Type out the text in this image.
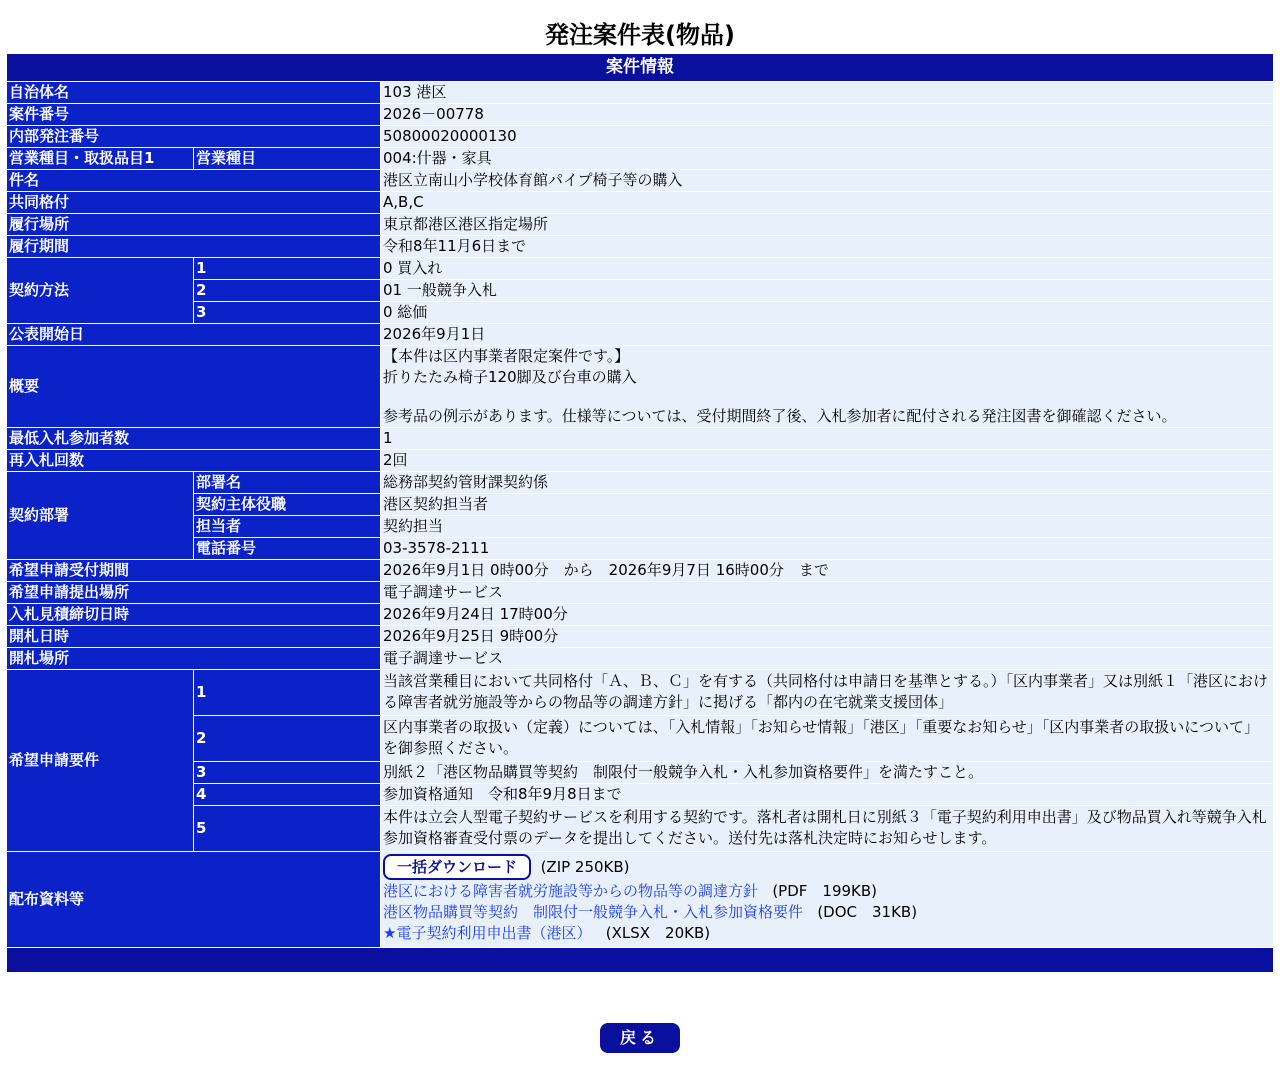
発注案件表(物品)
案件情報		
自治体名		103 港区
案件番号		2026－00778
内部発注番号		50800020000130
営業種目・取扱品目1	営業種目	004:什器・家具
件名		港区立南山小学校体育館パイプ椅子等の購入
共同格付		A,B,C
履行場所		東京都港区港区指定場所
履行期間		令和8年11月6日まで
契約方法	1	0 買入れ
	2	01 一般競争入札
	3	0 総価
公表開始日		2026年9月1日
概要		【本件は区内事業者限定案件です。】
折りたたみ椅子120脚及び台車の購入
参考品の例示があります。仕様等については、受付期間終了後、入札参加者に配付される発注図書を御確認ください。

最低入札参加者数		1
再入札回数		2回
契約部署	部署名	総務部契約管財課契約係
	契約主体役職	港区契約担当者
	担当者	契約担当
	電話番号	03-3578-2111
希望申請受付期間		2026年9月1日 0時00分　から　2026年9月7日 16時00分　まで
希望申請提出場所		電子調達サービス
入札見積締切日時		2026年9月24日 17時00分
開札日時		2026年9月25日 9時00分
開札場所		電子調達サービス
希望申請要件	1	当該営業種目において共同格付「Ａ、Ｂ、Ｃ」を有する（共同格付は申請日を基準とする。）「区内事業者」又は別紙１「港区における障害者就労施設等からの物品等の調達方針」に掲げる「都内の在宅就業支援団体」
	2	区内事業者の取扱い（定義）については、「入札情報」「お知らせ情報」「港区」「重要なお知らせ」「区内事業者の取扱いについて」を御参照ください。
	3	別紙２「港区物品購買等契約　制限付一般競争入札・入札参加資格要件」を満たすこと。
	4	参加資格通知　令和8年9月8日まで
	5	本件は立会人型電子契約サービスを利用する契約です。落札者は開札日に別紙３「電子契約利用申出書」及び物品買入れ等競争入札参加資格審査受付票のデータを提出してください。送付先は落札決定時にお知らせします。
配布資料等		一括ダウンロード (ZIP 250KB)
港区における障害者就労施設等からの物品等の調達方針 (PDF　199KB)
港区物品購買等契約　制限付一般競争入札・入札参加資格要件 (DOC　31KB)
★電子契約利用申出書（港区） (XLSX　20KB)

戻る
